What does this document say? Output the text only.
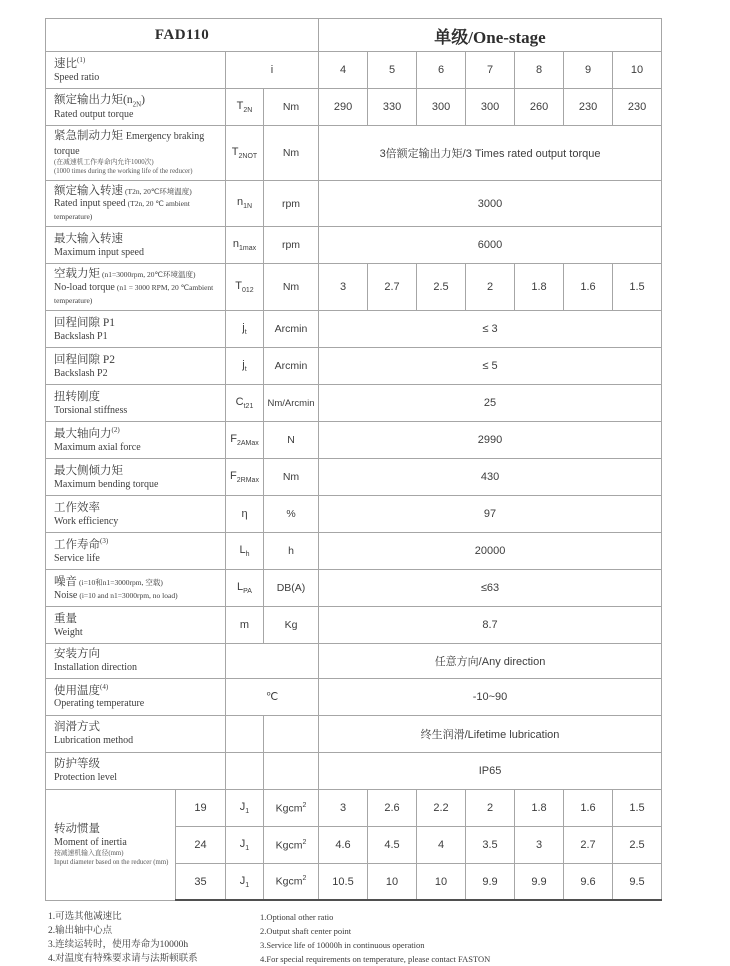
FAD110				单级/One-stage						

速比$^{(1)}$
Speed ratio		i		4	5	6	7	8	9	10

额定输出力矩$(n_{2N})$
Rated output torque		$T_{2N}$	Nm	290	330	300	300	260	230	230

紧急制动力矩 Emergency braking torque
(在减速机工作寿命内允许1000次)
(1000 times during the working life of the reducer)		$T_{2NOT}$	Nm	3倍额定输出力矩/3 Times rated output torque						

额定输入转速 (T2n, 20℃环境温度)
Rated input speed (T2n, 20 ℃ ambient temperature)		$n_{1N}$	rpm	3000						

最大输入转速
Maximum input speed		$n_{1max}$	rpm	6000						

空载力矩 (n1=3000rpm, 20℃环境温度)
No-load torque (n1 = 3000 RPM, 20 ℃ambient temperature)		$T_{012}$	Nm	3	2.7	2.5	2	1.8	1.6	1.5

回程间隙 P1
Backslash P1		$j_t$	Arcmin	≤ 3						

回程间隙 P2
Backslash P2		$j_t$	Arcmin	≤ 5						

扭转刚度
Torsional stiffness		$C_{t21}$	Nm/Arcmin	25						

最大轴向力$^{(2)}$
Maximum axial force		$F_{2AMax}$	N	2990						

最大侧倾力矩
Maximum bending torque		$F_{2RMax}$	Nm	430						

工作效率
Work efficiency		η	%	97						

工作寿命$^{(3)}$
Service life		$L_h$	h	20000						

噪音 (i=10和n1=3000rpm, 空载)
Noise (i=10 and n1=3000rpm, no load)		$L_{PA}$	DB(A)	≤63						

重量
Weight		m	Kg	8.7						

安装方向
Installation direction				任意方向/Any direction						

使用温度$^{(4)}$
Operating temperature		℃		-10~90						

润滑方式
Lubrication method				终生润滑/Lifetime lubrication						

防护等级
Protection level				IP65						

转动惯量
Moment of inertia
按减速机输入直径(mm)
Input diameter based on the reducer (mm)	19	$J_1$	Kgcm$^2$	3	2.6	2.2	2	1.8	1.6	1.5
	24	$J_1$	Kgcm$^2$	4.6	4.5	4	3.5	3	2.7	2.5
	35	$J_1$	Kgcm$^2$	10.5	10	10	9.9	9.9	9.6	9.5
1.可选其他减速比
2.输出轴中心点
3.连续运转时，使用寿命为10000h
4.对温度有特殊要求请与法斯顿联系
1.Optional other ratio
2.Output shaft center point
3.Service life of 10000h in continuous operation
4.For special requirements on temperature, please contact FASTON
